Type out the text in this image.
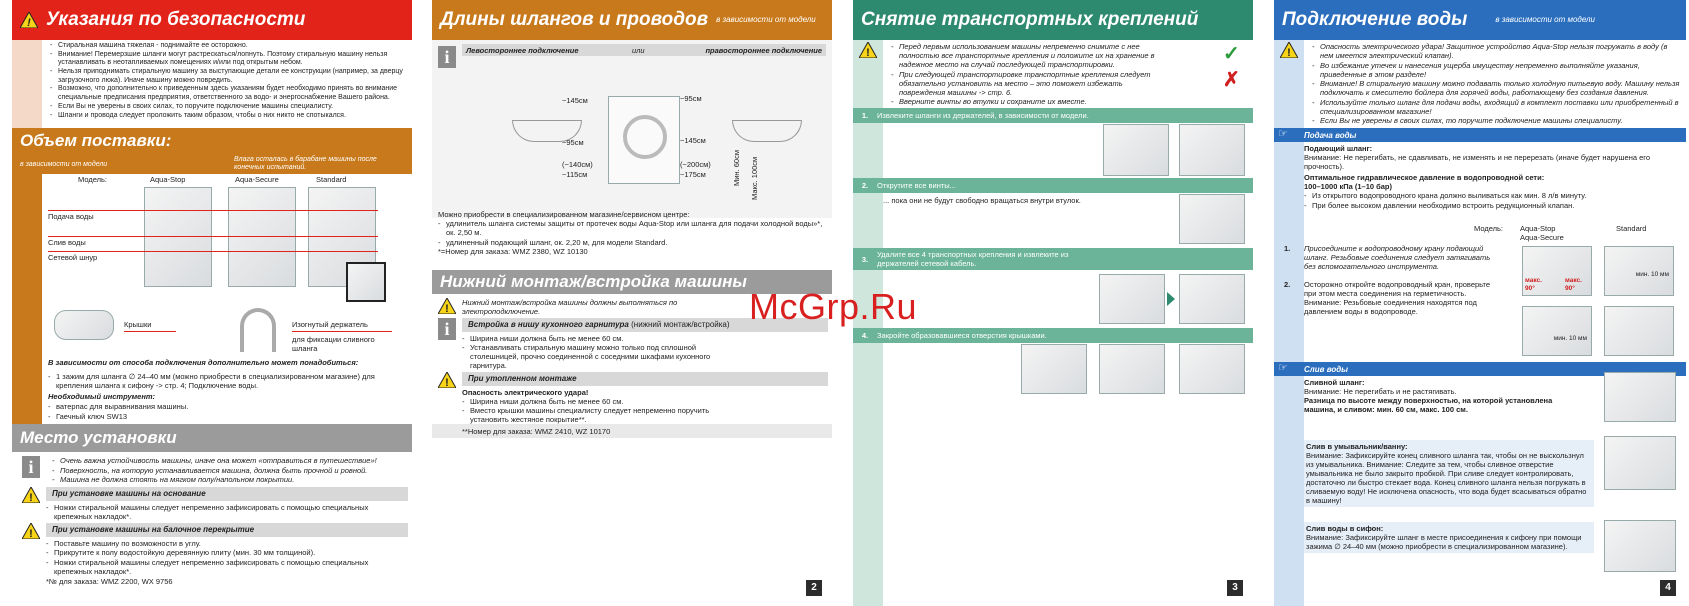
! Указания по безопасности
- Стиральная машина тяжелая - поднимайте ее осторожно.
- Внимание! Перемерзшие шланги могут растрескаться/лопнуть. Поэтому стиральную машину нельзя устанавливать в неотапливаемых помещениях и/или под открытым небом.
- Нельзя приподнимать стиральную машину за выступающие детали ее конструкции (например, за дверцу загрузочного люка). Иначе машину можно повредить.
- Возможно, что дополнительно к приведенным здесь указаниям будет необходимо принять во внимание специальные предписания предприятия, ответственного за водо- и энергоснабжение Вашего района.
- Если Вы не уверены в своих силах, то поручите подключение машины специалисту.
- Шланги и провода следует проложить таким образом, чтобы о них никто не спотыкался.
Объем поставки:
в зависимости от модели
Влага осталась в барабане машины после конечных испытаний.
Модель:	Aqua-Stop	Aqua-Secure	Standard
Подача воды
Слив воды
Сетевой шнур
Крышки	Изогнутый держатель
для фиксации сливного шланга
В зависимости от способа подключения дополнительно может понадобиться:
- 1 зажим для шланга ∅ 24–40 мм (можно приобрести в специализированном магазине) для крепления шланга к сифону -> стр. 4; Подключение воды.
Необходимый инструмент:
- ватерпас для выравнивания машины.
- Гаечный ключ SW13
Место установки
i
-	Очень важна устойчивость машины, иначе она может «отправиться в путешествие»!
- Поверхность, на которую устанавливается машина, должна быть прочной и ровной.
- Машина не должна стоять на мягком полу/напольном покрытии.
!	При установке машины на основание
- Ножки стиральной машины следует непременно зафиксировать с помощью специальных крепежных накладок*.
!	При установке машины на балочное перекрытие
- Поставьте машину по возможности в углу.
- Прикрутите к полу водостойкую деревянную плиту (мин. 30 мм толщиной).
- Ножки стиральной машины следует непременно зафиксировать с помощью специальных крепежных накладок*.
*№ для заказа: WMZ 2200, WX 9756
Длины шлангов и проводов в зависимости от модели
i	Левостороннее подключение	или	правостороннее подключение
~145см
~95см
~95см
~145см
(~140см)
~115см
(~200см)
~175см	Мин. 60см Макс. 100см
Можно приобрести в специализированном магазине/сервисном центре:
- удлинитель шланга системы защиты от протечек воды Aqua-Stop или шланга для подачи холодной воды»*, ок. 2,50 м.
- удлиненный подающий шланг, ок. 2,20 м, для модели Standard.
*=Номер для заказа: WMZ 2380, WZ 10130
Нижний монтаж/встройка машины
!
Нижний монтаж/встройка машины должны выполняться по электроподключение.
i	Встройка в нишу кухонного гарнитура (нижний монтаж/встройка)
- Ширина ниши должна быть не менее 60 см.
- Устанавливать стиральную машину можно только под сплошной столешницей, прочно соединенной с соседними шкафами кухонного гарнитура.
!	При утопленном монтаже
Опасность электрического удара!
- Ширина ниши должна быть не менее 60 см.
- Вместо крышки машины специалисту следует непременно поручить установить жестяное покрытие**.
**Номер для заказа: WMZ 2410, WZ 10170
2
Снятие транспортных креплений
!
- Перед первым использованием машины непременно снимите с нее полностью все транспортные крепления и положите их на хранение в надежное место на случай последующей транспортировки.
- При следующей транспортировке транспортные крепления следует обязательно установить на место – это поможет избежать повреждения машины -> стр. 6.
- Вверните винты во втулки и сохраните их вместе.
✓
✗
1.	Извлеките шланги из держателей, в зависимости от модели.
2.	Открутите все винты...
... пока они не будут свободно вращаться внутри втулок.
3.	Удалите все 4 транспортных крепления и извлеките из держателей сетевой кабель.
4.	Закройте образовавшиеся отверстия крышками.
3
Подключение воды	в зависимости от модели
!
- Опасность электрического удара! Защитное устройство Aqua-Stop нельзя погружать в воду (в нем имеется электрический клапан).
- Во избежание утечек и нанесения ущерба имуществу непременно выполняйте указания, приведенные в этом разделе!
- Внимание! В стиральную машину можно подавать только холодную питьевую воду. Машину нельзя подключать к смесителю бойлера для горячей воды, работающему без создания давления.
- Используйте только шланг для подачи воды, входящий в комплект поставки или приобретенный в специализированном магазине!
- Если Вы не уверены в своих силах, то поручите подключение машины специалисту.
Подача воды
☞
Подающий шланг:
Внимание: Не перегибать, не сдавливать, не изменять и не перерезать (иначе будет нарушена его прочность).
Оптимальное гидравлическое давление в водопроводной сети:
100–1000 кПа (1–10 бар)
- Из открытого водопроводного крана должно выливаться как мин. 8 л/в минуту.
- При более высоком давлении необходимо встроить редукционный клапан.
Модель: Aqua-Stop Aqua-Secure
Standard
1. Присоедините к водопроводному крану подающий шланг. Резьбовые соединения следует затягивать без вспомогательного инструмента.
2. Осторожно откройте водопроводный кран, проверьте при этом места соединения на герметичность.
Внимание: Резьбовые соединения находятся под давлением воды в водопроводе.
макс. 90°
макс. 90°
мин. 10 мм
мин. 10 мм
Слив воды
☞
Сливной шланг:
Внимание: Не перегибать и не растягивать.
Разница по высоте между поверхностью, на которой установлена машина, и сливом: мин. 60 см, макс. 100 см.
Слив в умывальник/ванну:
Внимание: Зафиксируйте конец сливного шланга так, чтобы он не выскользнул из умывальника. Внимание: Следите за тем, чтобы сливное отверстие умывальника не было закрыто пробкой. При сливе следует контролировать, достаточно ли быстро стекает вода. Конец сливного шланга нельзя погружать в сливаемую воду! Не исключена опасность, что вода будет всасываться обратно в машину!
Слив воды в сифон:
Внимание: Зафиксируйте шланг в месте присоединения к сифону при помощи зажима ∅ 24–40 мм (можно приобрести в специализированном магазине).
4
McGrp.Ru
